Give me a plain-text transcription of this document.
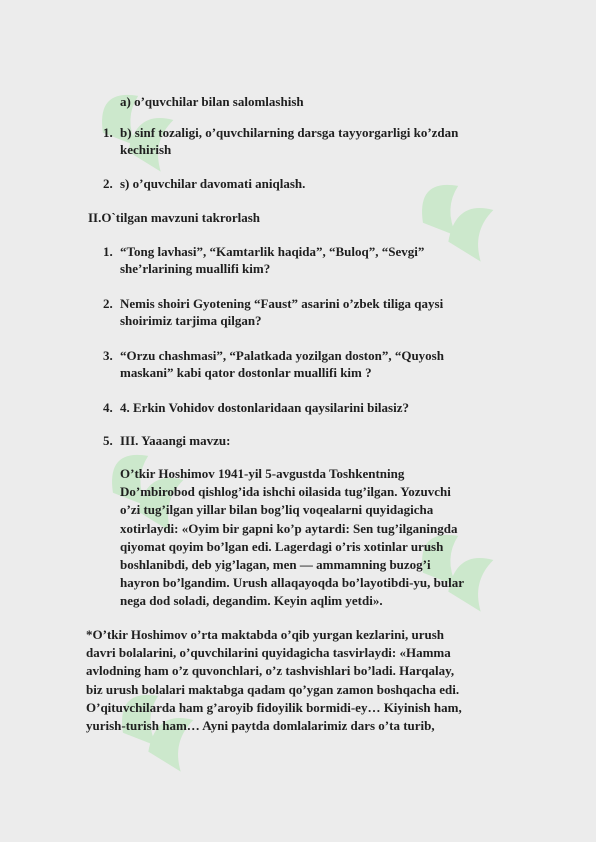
a) o’quvchilar bilan salomlashish
1. b) sinf tozaligi, o’quvchilarning darsga tayyorgarligi ko’zdan
kechirish
2. s) o’quvchilar davomati aniqlash.
II.O`tilgan mavzuni takrorlash
1. “Tong lavhasi”, “Kamtarlik haqida”, “Buloq”, “Sevgi”
she’rlarining muallifi kim?
2. Nemis shoiri Gyotening “Faust” asarini o’zbek tiliga qaysi
shoirimiz tarjima qilgan?
3. “Orzu chashmasi”, “Palatkada yozilgan doston”, “Quyosh
maskani” kabi qator dostonlar muallifi kim ?
4. 4. Erkin Vohidov dostonlaridaan qaysilarini bilasiz?
5. III. Yaaangi mavzu:
O’tkir Hoshimov 1941-yil 5-avgustda Toshkentning
Do’mbirobod qishlog’ida ishchi oilasida tug’ilgan. Yozuvchi
o’zi tug’ilgan yillar bilan bog’liq voqealarni quyidagicha
xotirlaydi: «Oyim bir gapni ko’p aytardi: Sen tug’ilganingda
qiyomat qoyim bo’lgan edi. Lagerdagi o’ris xotinlar urush
boshlanibdi, deb yig’lagan, men — ammamning buzog’i
hayron bo’lgandim. Urush allaqayoqda bo’layotibdi-yu, bular
nega dod soladi, degandim. Keyin aqlim yetdi».
*O’tkir Hoshimov o’rta maktabda o’qib yurgan kezlarini, urush
davri bolalarini, o’quvchilarini quyidagicha tasvirlaydi: «Hamma
avlodning ham o’z quvonchlari, o’z tashvishlari bo’ladi. Harqalay,
biz urush bolalari maktabga qadam qo’ygan zamon boshqacha edi.
O’qituvchilarda ham g’aroyib fidoyilik bormidi-ey… Kiyinish ham,
yurish-turish ham… Ayni paytda domlalarimiz dars o’ta turib,
